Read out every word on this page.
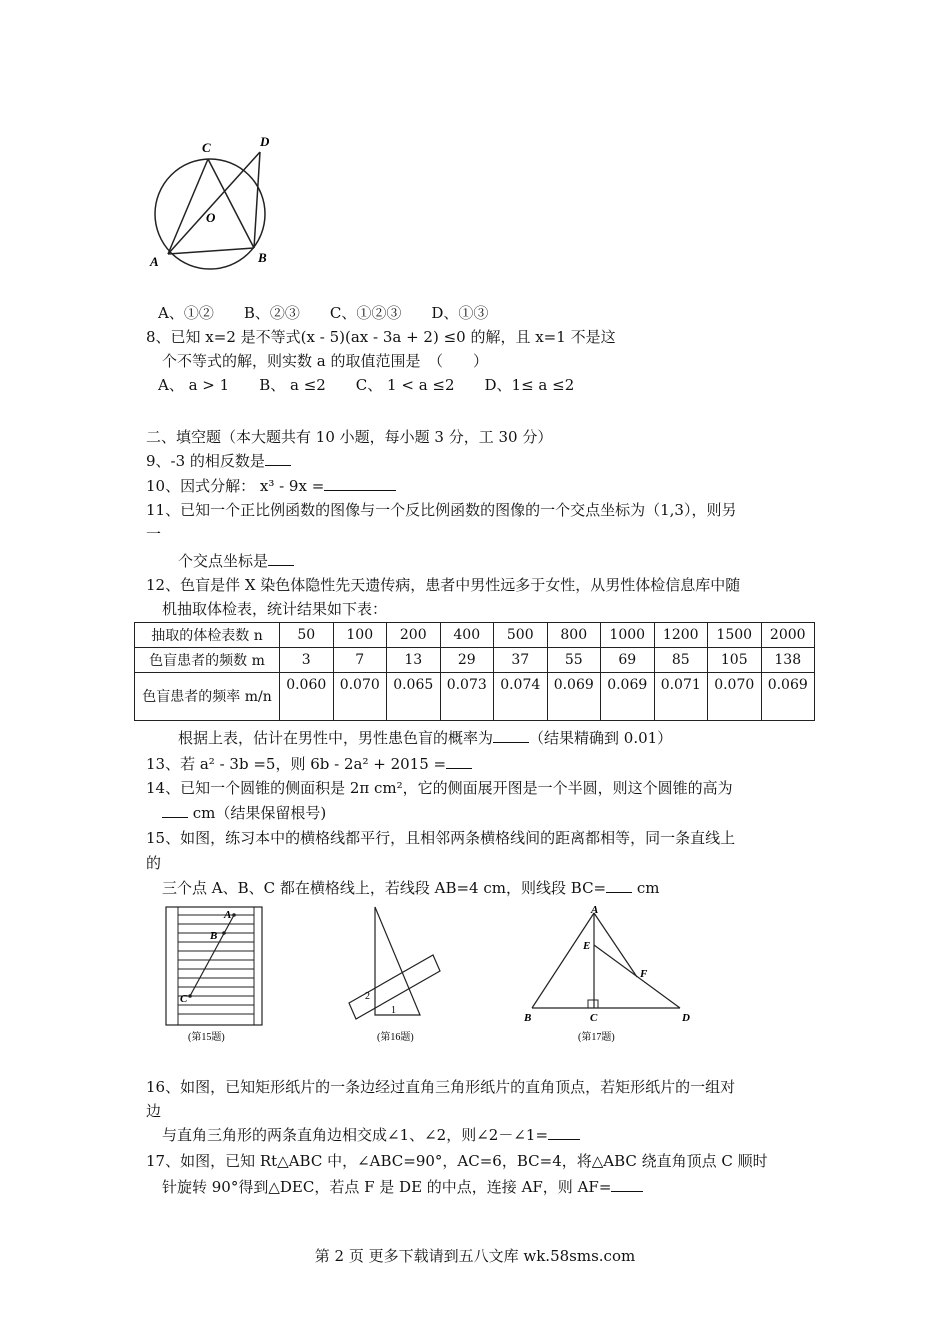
C	D
O
A	B
A、①②　　B、②③　　C、①②③　　D、①③
8、已知 x=2 是不等式(x - 5)(ax - 3a + 2) ≤0 的解，且 x=1 不是这
个不等式的解，则实数 a 的取值范围是　（　　）
A、 a > 1　　B、 a ≤2　　C、 1 < a ≤2　　D、1≤ a ≤2
二、填空题（本大题共有 10 小题，每小题 3 分，工 30 分）
9、-3 的相反数是
10、因式分解： x³ - 9x =
11、已知一个正比例函数的图像与一个反比例函数的图像的一个交点坐标为（1,3），则另
一
个交点坐标是
12、色盲是伴 X 染色体隐性先天遗传病，患者中男性远多于女性，从男性体检信息库中随
机抽取体检表，统计结果如下表：
抽取的体检表数 n	50	100	200	400	500	800	1000	1200	1500	2000
色盲患者的频数 m	3	7	13	29	37	55	69	85	105	138
色盲患者的频率 m/n	0.060	0.070	0.065	0.073	0.074	0.069	0.069	0.071	0.070	0.069
根据上表，估计在男性中，男性患色盲的概率为 （结果精确到 0.01）
13、若 a² - 3b =5，则 6b - 2a² + 2015 =
14、已知一个圆锥的侧面积是 2π cm²，它的侧面展开图是一个半圆，则这个圆锥的高为
cm（结果保留根号)
15、如图，练习本中的横格线都平行，且相邻两条横格线间的距离都相等，同一条直线上
的
三个点 A、B、C 都在横格线上，若线段 AB=4 cm，则线段 BC= cm
A
B
C
(第15题)
2
1
(第16题)
A
E
F
B	C	D
(第17题)
16、如图，已知矩形纸片的一条边经过直角三角形纸片的直角顶点，若矩形纸片的一组对
边
与直角三角形的两条直角边相交成∠1、∠2，则∠2－∠1=
17、如图，已知 Rt△ABC 中，∠ABC=90°，AC=6，BC=4，将△ABC 绕直角顶点 C 顺时
针旋转 90°得到△DEC，若点 F 是 DE 的中点，连接 AF，则 AF=
第 2 页 更多下载请到五八文库 wk.58sms.com
